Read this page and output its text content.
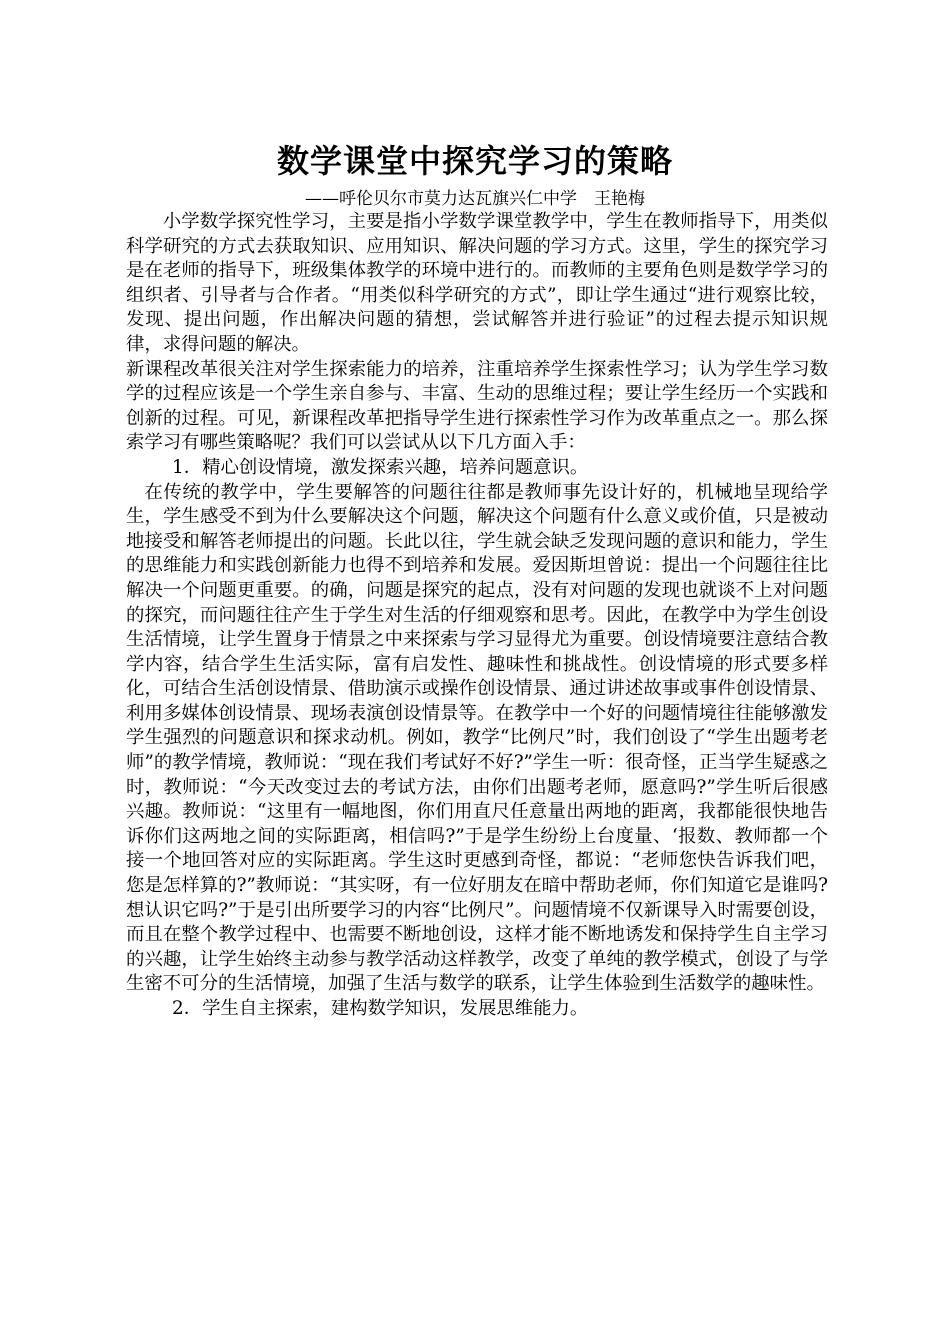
数学课堂中探究学习的策略
——呼伦贝尔市莫力达瓦旗兴仁中学　王艳梅

小学数学探究性学习，主要是指小学数学课堂教学中，学生在教师指导下，用类似科学研究的方式去获取知识、应用知识、解决问题的学习方式。这里，学生的探究学习是在老师的指导下，班级集体教学的环境中进行的。而教师的主要角色则是数学学习的组织者、引导者与合作者。“用类似科学研究的方式”，即让学生通过“进行观察比较，发现、提出问题，作出解决问题的猜想，尝试解答并进行验证”的过程去提示知识规律，求得问题的解决。

新课程改革很关注对学生探索能力的培养，注重培养学生探索性学习；认为学生学习数学的过程应该是一个学生亲自参与、丰富、生动的思维过程；要让学生经历一个实践和创新的过程。可见，新课程改革把指导学生进行探索性学习作为改革重点之一。那么探索学习有哪些策略呢？我们可以尝试从以下几方面入手：

1．精心创设情境，激发探索兴趣，培养问题意识。

在传统的教学中，学生要解答的问题往往都是教师事先设计好的，机械地呈现给学生，学生感受不到为什么要解决这个问题，解决这个问题有什么意义或价值，只是被动地接受和解答老师提出的问题。长此以往，学生就会缺乏发现问题的意识和能力，学生的思维能力和实践创新能力也得不到培养和发展。爱因斯坦曾说：提出一个问题往往比解决一个问题更重要。的确，问题是探究的起点，没有对问题的发现也就谈不上对问题的探究，而问题往往产生于学生对生活的仔细观察和思考。因此，在教学中为学生创设生活情境，让学生置身于情景之中来探索与学习显得尤为重要。创设情境要注意结合教学内容，结合学生生活实际，富有启发性、趣味性和挑战性。创设情境的形式要多样化，可结合生活创设情景、借助演示或操作创设情景、通过讲述故事或事件创设情景、利用多媒体创设情景、现场表演创设情景等。在教学中一个好的问题情境往往能够激发学生强烈的问题意识和探求动机。例如，教学“比例尺”时，我们创设了“学生出题考老师”的教学情境，教师说：“现在我们考试好不好?”学生一听：很奇怪，正当学生疑惑之时，教师说：“今天改变过去的考试方法，由你们出题考老师，愿意吗?”学生听后很感兴趣。教师说：“这里有一幅地图，你们用直尺任意量出两地的距离，我都能很快地告诉你们这两地之间的实际距离，相信吗?”于是学生纷纷上台度量、‘报数、教师都一个接一个地回答对应的实际距离。学生这时更感到奇怪，都说：“老师您快告诉我们吧，您是怎样算的?”教师说：“其实呀，有一位好朋友在暗中帮助老师，你们知道它是谁吗?想认识它吗?”于是引出所要学习的内容“比例尺”。问题情境不仅新课导入时需要创设，而且在整个教学过程中、也需要不断地创设，这样才能不断地诱发和保持学生自主学习的兴趣，让学生始终主动参与教学活动这样教学，改变了单纯的教学模式，创设了与学生密不可分的生活情境，加强了生活与数学的联系，让学生体验到生活数学的趣味性。

2．学生自主探索，建构数学知识，发展思维能力。
